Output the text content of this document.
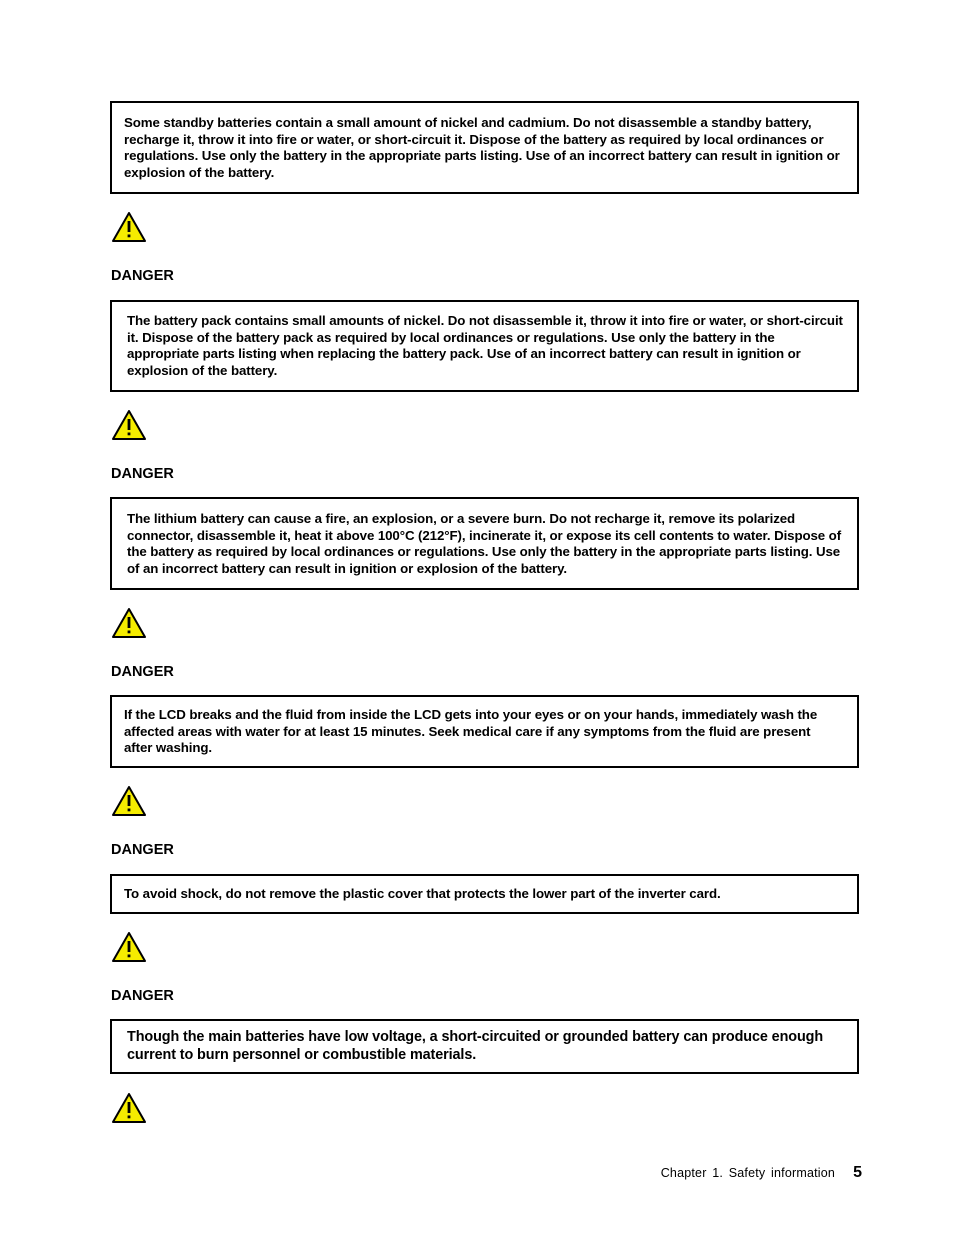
Some standby batteries contain a small amount of nickel and cadmium. Do not disassemble a standby battery, recharge it, throw it into fire or water, or short-circuit it. Dispose of the battery as required by local ordinances or regulations. Use only the battery in the appropriate parts listing. Use of an incorrect battery can result in ignition or explosion of the battery.

DANGER

The battery pack contains small amounts of nickel. Do not disassemble it, throw it into fire or water, or short-circuit it. Dispose of the battery pack as required by local ordinances or regulations. Use only the battery in the appropriate parts listing when replacing the battery pack. Use of an incorrect battery can result in ignition or explosion of the battery.

DANGER

The lithium battery can cause a fire, an explosion, or a severe burn. Do not recharge it, remove its polarized connector, disassemble it, heat it above 100°C (212°F), incinerate it, or expose its cell contents to water. Dispose of the battery as required by local ordinances or regulations. Use only the battery in the appropriate parts listing. Use of an incorrect battery can result in ignition or explosion of the battery.

DANGER

If the LCD breaks and the fluid from inside the LCD gets into your eyes or on your hands, immediately wash the affected areas with water for at least 15 minutes. Seek medical care if any symptoms from the fluid are present after washing.

DANGER

To avoid shock, do not remove the plastic cover that protects the lower part of the inverter card.

DANGER

Though the main batteries have low voltage, a short-circuited or grounded battery can produce enough current to burn personnel or combustible materials.

Chapter 1. Safety information 5
